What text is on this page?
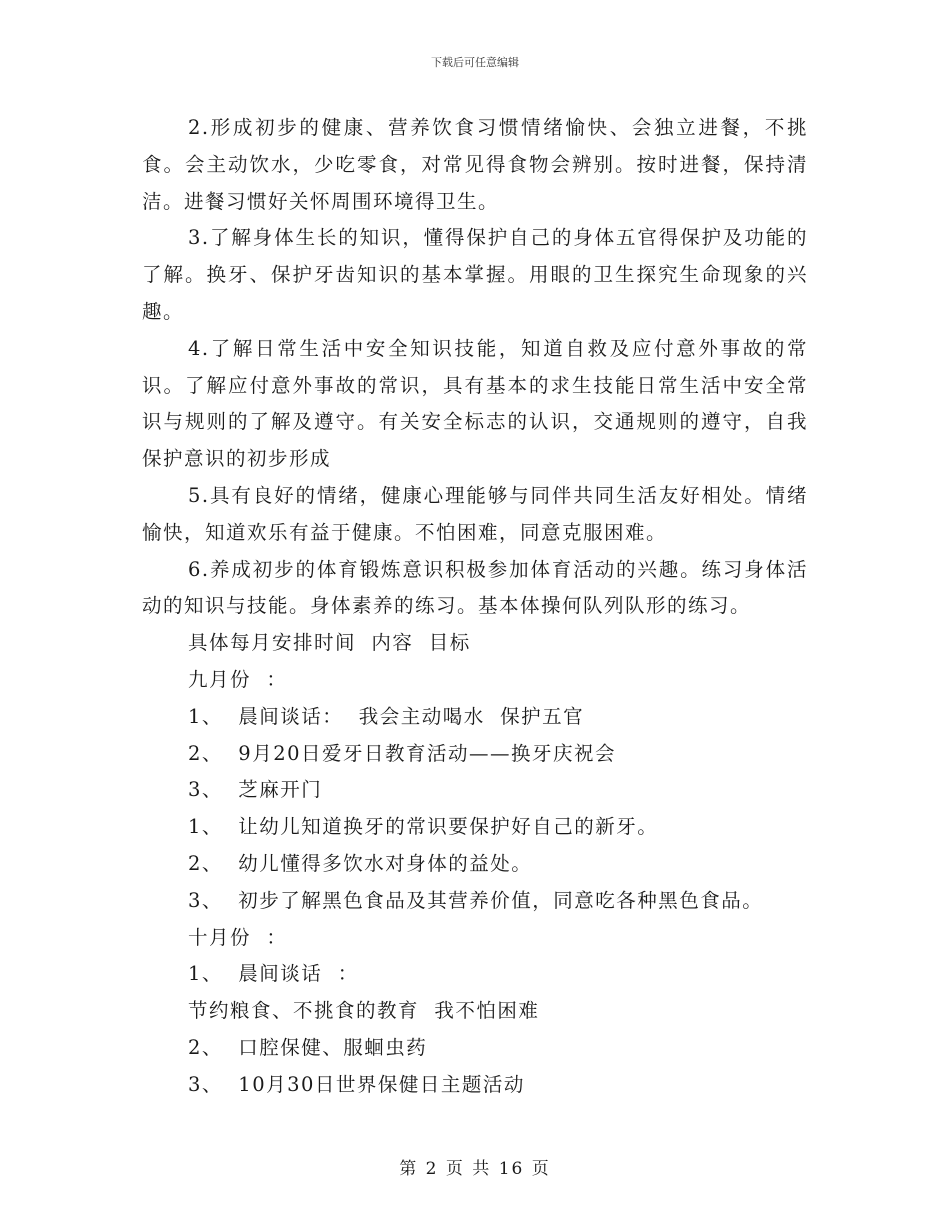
下载后可任意编辑

2.形成初步的健康、营养饮食习惯情绪愉快、会独立进餐，不挑食。会主动饮水，少吃零食，对常见得食物会辨别。按时进餐，保持清洁。进餐习惯好关怀周围环境得卫生。

3.了解身体生长的知识，懂得保护自己的身体五官得保护及功能的了解。换牙、保护牙齿知识的基本掌握。用眼的卫生探究生命现象的兴趣。

4.了解日常生活中安全知识技能，知道自救及应付意外事故的常识。了解应付意外事故的常识，具有基本的求生技能日常生活中安全常识与规则的了解及遵守。有关安全标志的认识，交通规则的遵守，自我保护意识的初步形成

5.具有良好的情绪，健康心理能够与同伴共同生活友好相处。情绪愉快，知道欢乐有益于健康。不怕困难，同意克服困难。

6.养成初步的体育锻炼意识积极参加体育活动的兴趣。练习身体活动的知识与技能。身体素养的练习。基本体操何队列队形的练习。

具体每月安排时间  内容  目标

九月份  ：

1、  晨间谈话：  我会主动喝水  保护五官

2、  9月20日爱牙日教育活动——换牙庆祝会

3、  芝麻开门

1、  让幼儿知道换牙的常识要保护好自己的新牙。

2、  幼儿懂得多饮水对身体的益处。

3、  初步了解黑色食品及其营养价值，同意吃各种黑色食品。

十月份  ：

1、  晨间谈话  ：

节约粮食、不挑食的教育  我不怕困难

2、  口腔保健、服蛔虫药

3、  10月30日世界保健日主题活动

第 2 页 共 16 页
